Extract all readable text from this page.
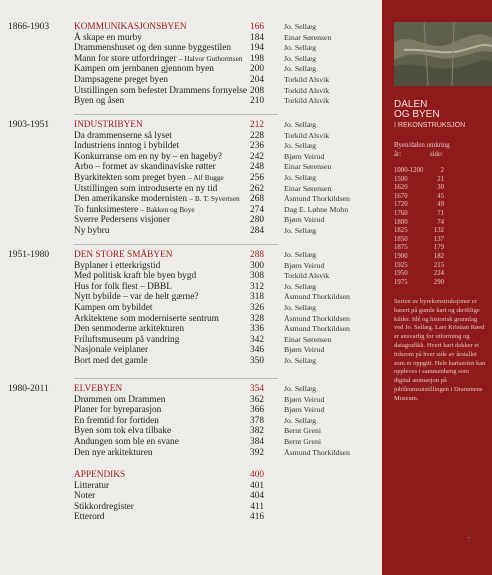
1866-1903	KOMMUNIKASJONSBYEN	166	Jo. Sellæg
Å skape en murby	184	Einar Sørensen
Drammenshuset og den sunne byggestilen	194	Jo. Sellæg
Mann for store utfordringer – Halvor Guthormsen 198	Jo. Sellæg
Kampen om jernbanen gjennom byen	200	Jo. Sellæg
Dampsagene preget byen	204	Torkild Alsvik
Utstillingen som befestet Drammens fornyelse 208	Torkild Alsvik
Byen og åsen	210	Torkild Alsvik
1903-1951	INDUSTRIBYEN	212	Jo. Sellæg
Da drammenserne så lyset	228	Torkild Alsvik
Industriens inntog i bybildet	236	Jo. Sellæg
Konkurranse om en ny by – en hageby?	242	Bjørn Veirud
Arbo – formet av skandinaviske røtter	248	Einar Sørensen
Byarkitekten som preget byen – Alf Bugge	256	Jo. Sellæg
Utstillingen som introduserte en ny tid	262	Einar Sørensen
Den amerikanske modernisten – B. T. Syvertsen	268	Åsmund Thorkildsen
To funksimestere – Bakken og Boye	274	Dag E. Løhne Mohn
Sverre Pedersens visjoner	280	Bjørn Veirud
Ny bybru	284	Jo. Sellæg
1951-1980	DEN STORE SMÅBYEN	288	Jo. Sellæg
Byplaner i etterkrigstid	300	Bjørn Veirud
Med politisk kraft ble byen bygd	308	Torkild Alsvik
Hus for folk flest – DBBL	312	Jo. Sellæg
Nytt bybilde – var de helt gærne?	318	Åsmund Thorkildsen
Kampen om bybildet	326	Jo. Sellæg
Arkitektene som moderniserte sentrum	328	Åsmund Thorkildsen
Den senmoderne arkitekturen	336	Åsmund Thorkildsen
Friluftsmuseum på vandring	342	Einar Sørensen
Nasjonale veiplaner	346	Bjørn Veirud
Bort med det gamle	350	Jo. Sellæg
1980-2011	ELVEBYEN	354	Jo. Sellæg
Drømmen om Drammen	362	Bjørn Veirud
Planer for byreparasjon	366	Bjørn Veirud
En fremtid for fortiden	378	Jo. Sellæg
Byen som tok elva tilbake	382	Bernt Greni
Andungen som ble en svane	384	Bernt Greni
Den nye arkitekturen	392	Åsmund Thorkildsen
APPENDIKS	400
Litteratur	401
Noter	404
Stikkordregister	411
Etterord	416
DALEN
OG BYEN
I REKONSTRUKSJON
Byen/dalen omkring
år:	side:
1000-1200	2
1500	21
1620	30
1670	45
1720	49
1760	71
1800	74
1825	132
1850	137
1875	179
1900	182
1925	215
1950	224
1975	290
Serien av byrekonstruksjoner er basert på gamle kart og skriftlige kilder. Idé og historisk grunnlag ved Jo. Sellæg. Lars Kristian Røed er ansvarlig for utforming og datagrafikk. Hvert kart dekker et tidsrom på hver side av årstallet som er oppgitt. Hele kartserien kan oppleves i sammenheng som digital animasjon på jubileumsutstillingen i Drammens Museum.
7
